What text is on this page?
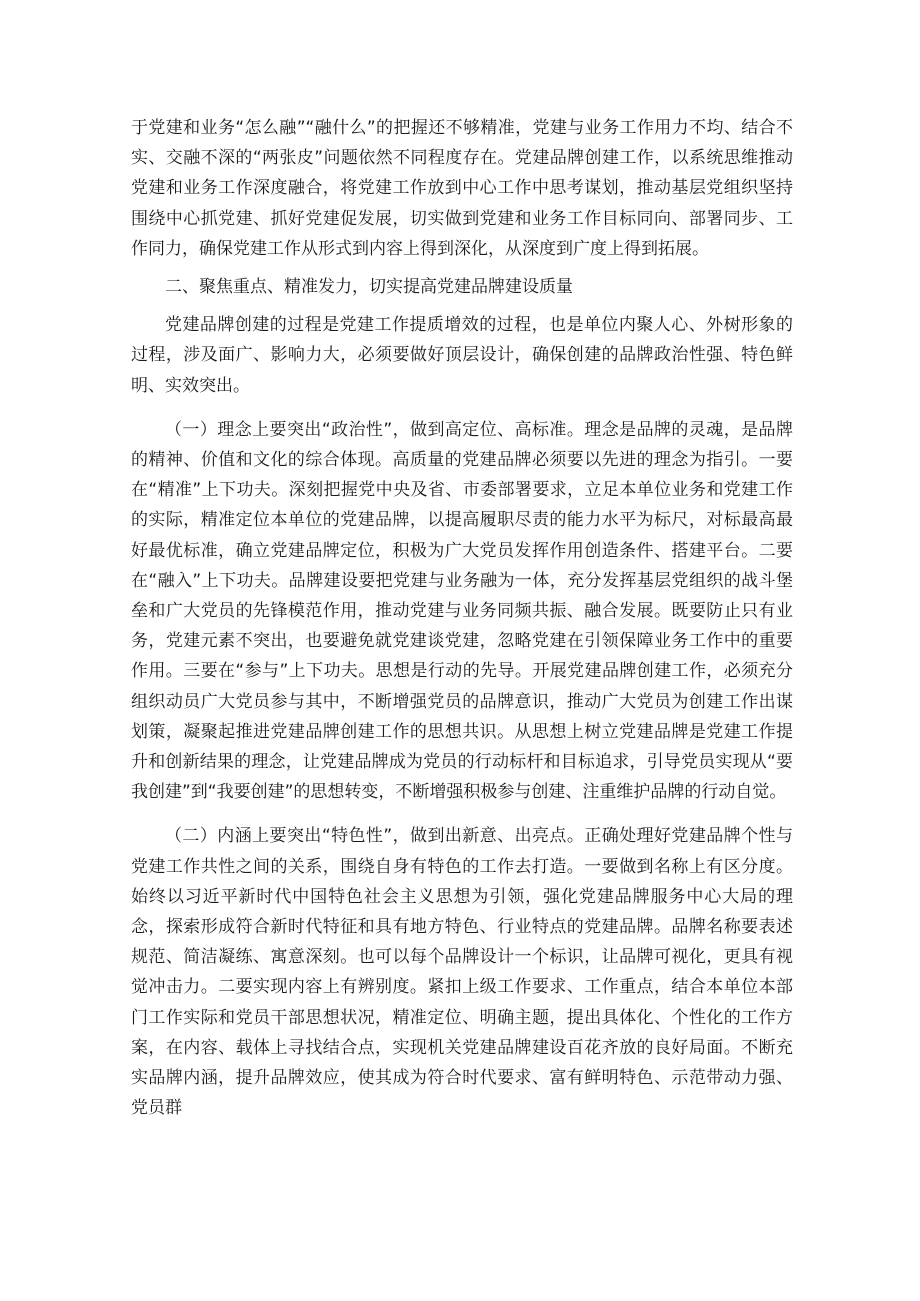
于党建和业务“怎么融”“融什么”的把握还不够精准，党建与业务工作用力不均、结合不实、交融不深的“两张皮”问题依然不同程度存在。党建品牌创建工作，以系统思维推动党建和业务工作深度融合，将党建工作放到中心工作中思考谋划，推动基层党组织坚持围绕中心抓党建、抓好党建促发展，切实做到党建和业务工作目标同向、部署同步、工作同力，确保党建工作从形式到内容上得到深化，从深度到广度上得到拓展。

二、聚焦重点、精准发力，切实提高党建品牌建设质量

党建品牌创建的过程是党建工作提质增效的过程，也是单位内聚人心、外树形象的过程，涉及面广、影响力大，必须要做好顶层设计，确保创建的品牌政治性强、特色鲜明、实效突出。

（一）理念上要突出“政治性”，做到高定位、高标准。理念是品牌的灵魂，是品牌的精神、价值和文化的综合体现。高质量的党建品牌必须要以先进的理念为指引。一要在“精准”上下功夫。深刻把握党中央及省、市委部署要求，立足本单位业务和党建工作的实际，精准定位本单位的党建品牌，以提高履职尽责的能力水平为标尺，对标最高最好最优标准，确立党建品牌定位，积极为广大党员发挥作用创造条件、搭建平台。二要在“融入”上下功夫。品牌建设要把党建与业务融为一体，充分发挥基层党组织的战斗堡垒和广大党员的先锋模范作用，推动党建与业务同频共振、融合发展。既要防止只有业务，党建元素不突出，也要避免就党建谈党建，忽略党建在引领保障业务工作中的重要作用。三要在“参与”上下功夫。思想是行动的先导。开展党建品牌创建工作，必须充分组织动员广大党员参与其中，不断增强党员的品牌意识，推动广大党员为创建工作出谋划策，凝聚起推进党建品牌创建工作的思想共识。从思想上树立党建品牌是党建工作提升和创新结果的理念，让党建品牌成为党员的行动标杆和目标追求，引导党员实现从“要我创建”到“我要创建”的思想转变，不断增强积极参与创建、注重维护品牌的行动自觉。

（二）内涵上要突出“特色性”，做到出新意、出亮点。正确处理好党建品牌个性与党建工作共性之间的关系，围绕自身有特色的工作去打造。一要做到名称上有区分度。始终以习近平新时代中国特色社会主义思想为引领，强化党建品牌服务中心大局的理念，探索形成符合新时代特征和具有地方特色、行业特点的党建品牌。品牌名称要表述规范、简洁凝练、寓意深刻。也可以每个品牌设计一个标识，让品牌可视化，更具有视觉冲击力。二要实现内容上有辨别度。紧扣上级工作要求、工作重点，结合本单位本部门工作实际和党员干部思想状况，精准定位、明确主题，提出具体化、个性化的工作方案，在内容、载体上寻找结合点，实现机关党建品牌建设百花齐放的良好局面。不断充实品牌内涵，提升品牌效应，使其成为符合时代要求、富有鲜明特色、示范带动力强、党员群
